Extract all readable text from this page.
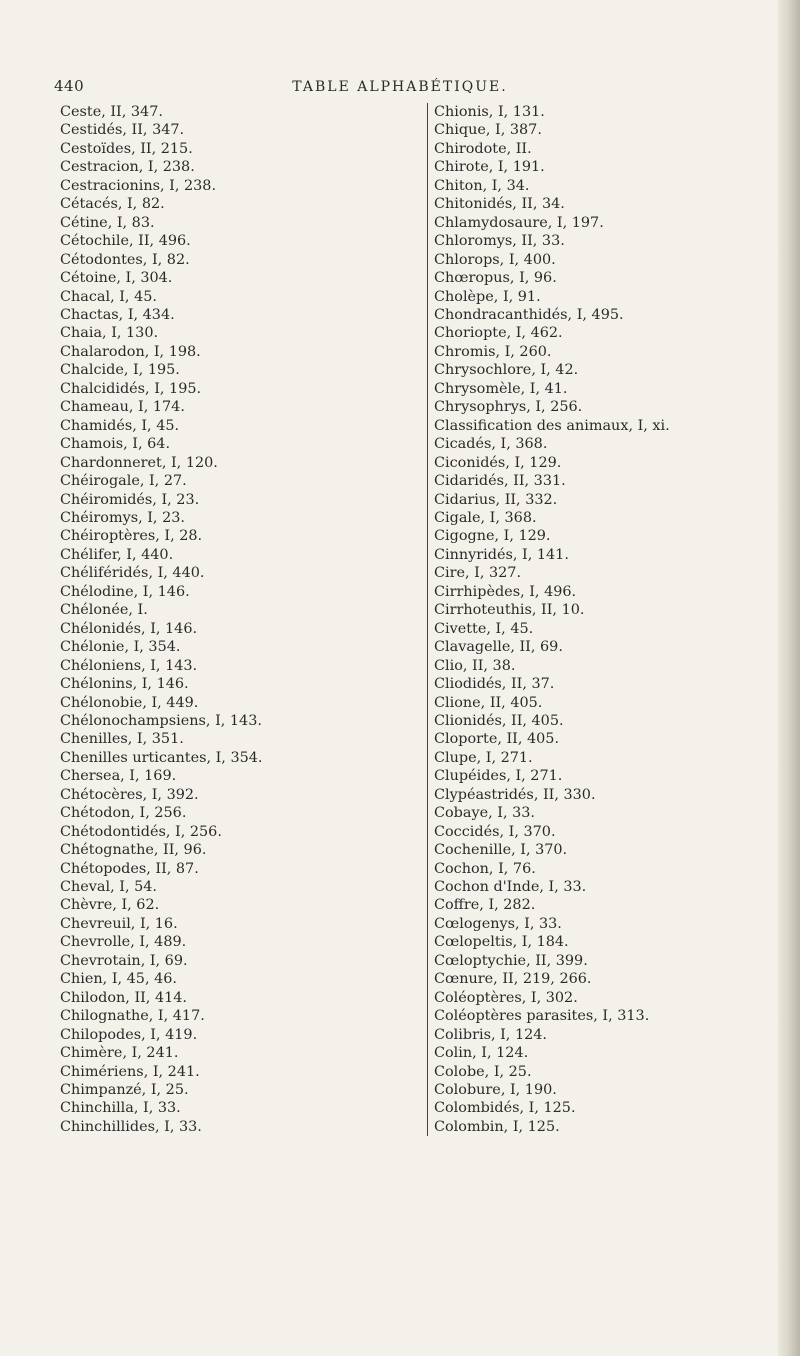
440	TABLE ALPHABÉTIQUE.
Ceste, II, 347.
Cestidés, II, 347.
Cestoïdes, II, 215.
Cestracion, I, 238.
Cestracionins, I, 238.
Cétacés, I, 82.
Cétine, I, 83.
Cétochile, II, 496.
Cétodontes, I, 82.
Cétoine, I, 304.
Chacal, I, 45.
Chactas, I, 434.
Chaia, I, 130.
Chalarodon, I, 198.
Chalcide, I, 195.
Chalcididés, I, 195.
Chameau, I, 174.
Chamidés, I, 45.
Chamois, I, 64.
Chardonneret, I, 120.
Chéirogale, I, 27.
Chéiromidés, I, 23.
Chéiromys, I, 23.
Chéiroptères, I, 28.
Chélifer, I, 440.
Chéliféridés, I, 440.
Chélodine, I, 146.
Chélonée, I.
Chélonidés, I, 146.
Chélonie, I, 354.
Chéloniens, I, 143.
Chélonins, I, 146.
Chélonobie, I, 449.
Chélonochampsiens, I, 143.
Chenilles, I, 351.
Chenilles urticantes, I, 354.
Chersea, I, 169.
Chétocères, I, 392.
Chétodon, I, 256.
Chétodontidés, I, 256.
Chétognathe, II, 96.
Chétopodes, II, 87.
Cheval, I, 54.
Chèvre, I, 62.
Chevreuil, I, 16.
Chevrolle, I, 489.
Chevrotain, I, 69.
Chien, I, 45, 46.
Chilodon, II, 414.
Chilognathe, I, 417.
Chilopodes, I, 419.
Chimère, I, 241.
Chimériens, I, 241.
Chimpanzé, I, 25.
Chinchilla, I, 33.
Chinchillides, I, 33.
Chionis, I, 131.
Chique, I, 387.
Chirodote, II.
Chirote, I, 191.
Chiton, I, 34.
Chitonidés, II, 34.
Chlamydosaure, I, 197.
Chloromys, II, 33.
Chlorops, I, 400.
Chœropus, I, 96.
Cholèpe, I, 91.
Chondracanthidés, I, 495.
Choriopte, I, 462.
Chromis, I, 260.
Chrysochlore, I, 42.
Chrysomèle, I, 41.
Chrysophrys, I, 256.
Classification des animaux, I, xi.
Cicadés, I, 368.
Ciconidés, I, 129.
Cidaridés, II, 331.
Cidarius, II, 332.
Cigale, I, 368.
Cigogne, I, 129.
Cinnyridés, I, 141.
Cire, I, 327.
Cirrhipèdes, I, 496.
Cirrhoteuthis, II, 10.
Civette, I, 45.
Clavagelle, II, 69.
Clio, II, 38.
Cliodidés, II, 37.
Clione, II, 405.
Clionidés, II, 405.
Cloporte, II, 405.
Clupe, I, 271.
Clupéides, I, 271.
Clypéastridés, II, 330.
Cobaye, I, 33.
Coccidés, I, 370.
Cochenille, I, 370.
Cochon, I, 76.
Cochon d'Inde, I, 33.
Coffre, I, 282.
Cœlogenys, I, 33.
Cœlopeltis, I, 184.
Cœloptychie, II, 399.
Cœnure, II, 219, 266.
Coléoptères, I, 302.
Coléoptères parasites, I, 313.
Colibris, I, 124.
Colin, I, 124.
Colobe, I, 25.
Colobure, I, 190.
Colombidés, I, 125.
Colombin, I, 125.
